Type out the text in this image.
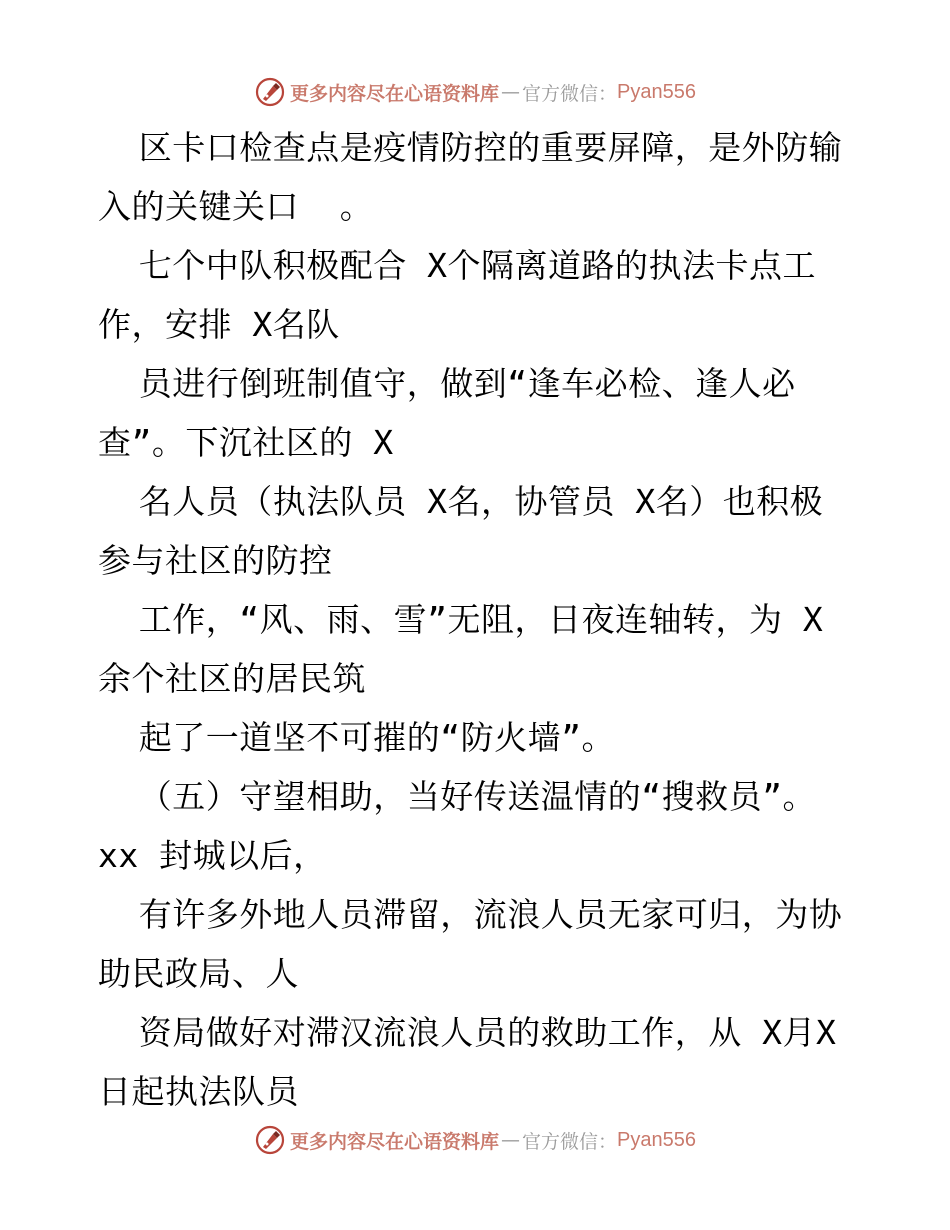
更多内容尽在心语资料库 — 官方微信： Pyan556
区卡口检查点是疫情防控的重要屏障，是外防输
入的关键关口  。
七个中队积极配合 X个隔离道路的执法卡点工
作，安排 X名队
员进行倒班制值守，做到“逢车必检、逢人必
查”。下沉社区的 X
名人员（执法队员 X名，协管员 X名）也积极
参与社区的防控
工作，“风、雨、雪”无阻，日夜连轴转，为 X
余个社区的居民筑
起了一道坚不可摧的“防火墙”。
（五）守望相助，当好传送温情的“搜救员”。
xx 封城以后，
有许多外地人员滞留，流浪人员无家可归，为协
助民政局、人
资局做好对滞汉流浪人员的救助工作，从 X月X
日起执法队员
更多内容尽在心语资料库 — 官方微信： Pyan556
